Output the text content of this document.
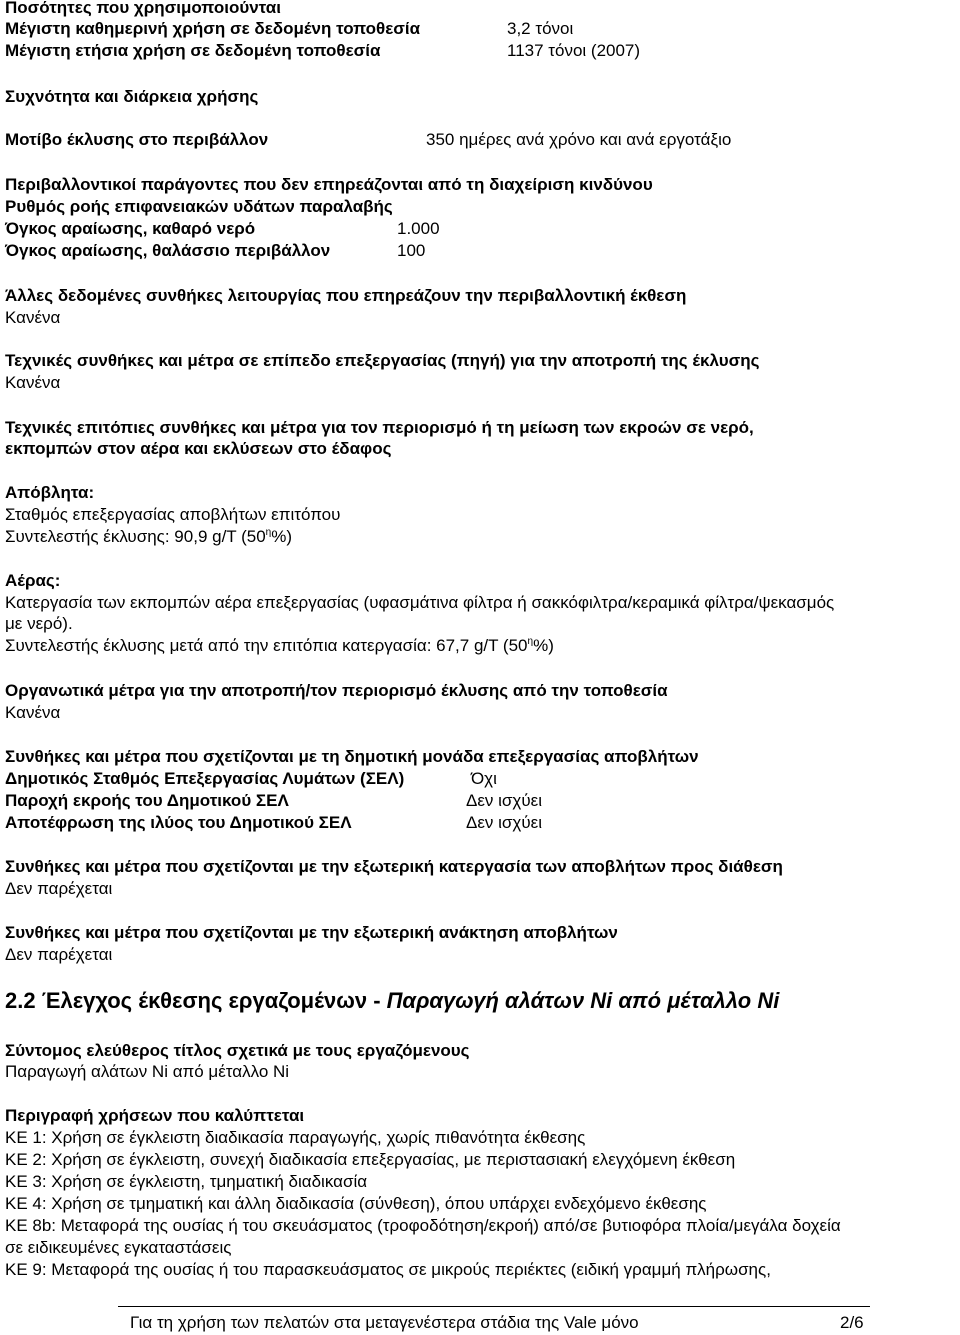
Ποσότητες που χρησιμοποιούνται
Μέγιστη καθημερινή χρήση σε δεδομένη τοποθεσία	3,2 τόνοι
Μέγιστη ετήσια χρήση σε δεδομένη τοποθεσία	1137 τόνοι (2007)
Συχνότητα και διάρκεια χρήσης
Μοτίβο έκλυσης στο περιβάλλον	350 ημέρες ανά χρόνο και ανά εργοτάξιο
Περιβαλλοντικοί παράγοντες που δεν επηρεάζονται από τη διαχείριση κινδύνου
Ρυθμός ροής επιφανειακών υδάτων παραλαβής
Όγκος αραίωσης, καθαρό νερό	1.000
Όγκος αραίωσης, θαλάσσιο περιβάλλον	100
Άλλες δεδομένες συνθήκες λειτουργίας που επηρεάζουν την περιβαλλοντική έκθεση
Κανένα
Τεχνικές συνθήκες και μέτρα σε επίπεδο επεξεργασίας (πηγή) για την αποτροπή της έκλυσης
Κανένα
Τεχνικές επιτόπιες συνθήκες και μέτρα για τον περιορισμό ή τη μείωση των εκροών σε νερό,
εκπομπών στον αέρα και εκλύσεων στο έδαφος
Απόβλητα:
Σταθμός επεξεργασίας αποβλήτων επιτόπου
Συντελεστής έκλυσης: 90,9 g/T $(50^\eta\%)$
Αέρας:
Κατεργασία των εκπομπών αέρα επεξεργασίας (υφασμάτινα φίλτρα ή σακκόφιλτρα/κεραμικά φίλτρα/ψεκασμός
με νερό).
Συντελεστής έκλυσης μετά από την επιτόπια κατεργασία: 67,7 g/T $(50^\eta\%)$
Οργανωτικά μέτρα για την αποτροπή/τον περιορισμό έκλυσης από την τοποθεσία
Κανένα
Συνθήκες και μέτρα που σχετίζονται με τη δημοτική μονάδα επεξεργασίας αποβλήτων
Δημοτικός Σταθμός Επεξεργασίας Λυμάτων (ΣΕΛ)	Όχι
Παροχή εκροής του Δημοτικού ΣΕΛ	Δεν ισχύει
Αποτέφρωση της ιλύος του Δημοτικού ΣΕΛ	Δεν ισχύει
Συνθήκες και μέτρα που σχετίζονται με την εξωτερική κατεργασία των αποβλήτων προς διάθεση
Δεν παρέχεται
Συνθήκες και μέτρα που σχετίζονται με την εξωτερική ανάκτηση αποβλήτων
Δεν παρέχεται
2.2 Έλεγχος έκθεσης εργαζομένων - Παραγωγή αλάτων Ni από μέταλλο Ni
Σύντομος ελεύθερος τίτλος σχετικά με τους εργαζόμενους
Παραγωγή αλάτων Ni από μέταλλο Ni
Περιγραφή χρήσεων που καλύπτεται
ΚΕ 1: Χρήση σε έγκλειστη διαδικασία παραγωγής, χωρίς πιθανότητα έκθεσης
ΚΕ 2: Χρήση σε έγκλειστη, συνεχή διαδικασία επεξεργασίας, με περιστασιακή ελεγχόμενη έκθεση
ΚΕ 3: Χρήση σε έγκλειστη, τμηματική διαδικασία
ΚΕ 4: Χρήση σε τμηματική και άλλη διαδικασία (σύνθεση), όπου υπάρχει ενδεχόμενο έκθεσης
ΚΕ 8b: Μεταφορά της ουσίας ή του σκευάσματος (τροφοδότηση/εκροή) από/σε βυτιοφόρα πλοία/μεγάλα δοχεία
σε ειδικευμένες εγκαταστάσεις
ΚΕ 9: Μεταφορά της ουσίας ή του παρασκευάσματος σε μικρούς περιέκτες (ειδική γραμμή πλήρωσης,
Για τη χρήση των πελατών στα μεταγενέστερα στάδια της Vale μόνο	2/6
